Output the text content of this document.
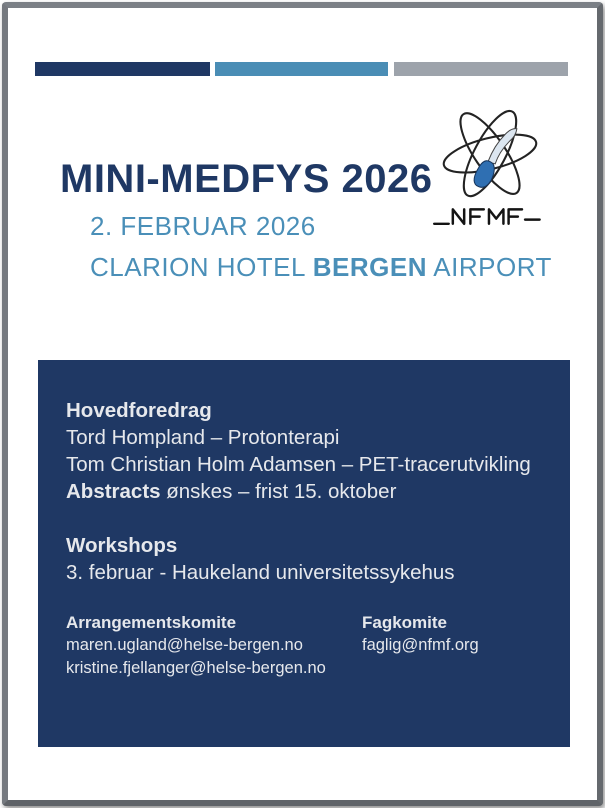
MINI-MEDFYS 2026
2. FEBRUAR 2026
CLARION HOTEL BERGEN AIRPORT

Hovedforedrag

Tord Hompland – Protonterapi

Tom Christian Holm Adamsen – PET-tracerutvikling

Abstracts ønskes – frist 15. oktober

Workshops

3. februar - Haukeland universitetssykehus

Arrangementskomite
maren.ugland@helse-bergen.no
kristine.fjellanger@helse-bergen.no
Fagkomite
faglig@nfmf.org
